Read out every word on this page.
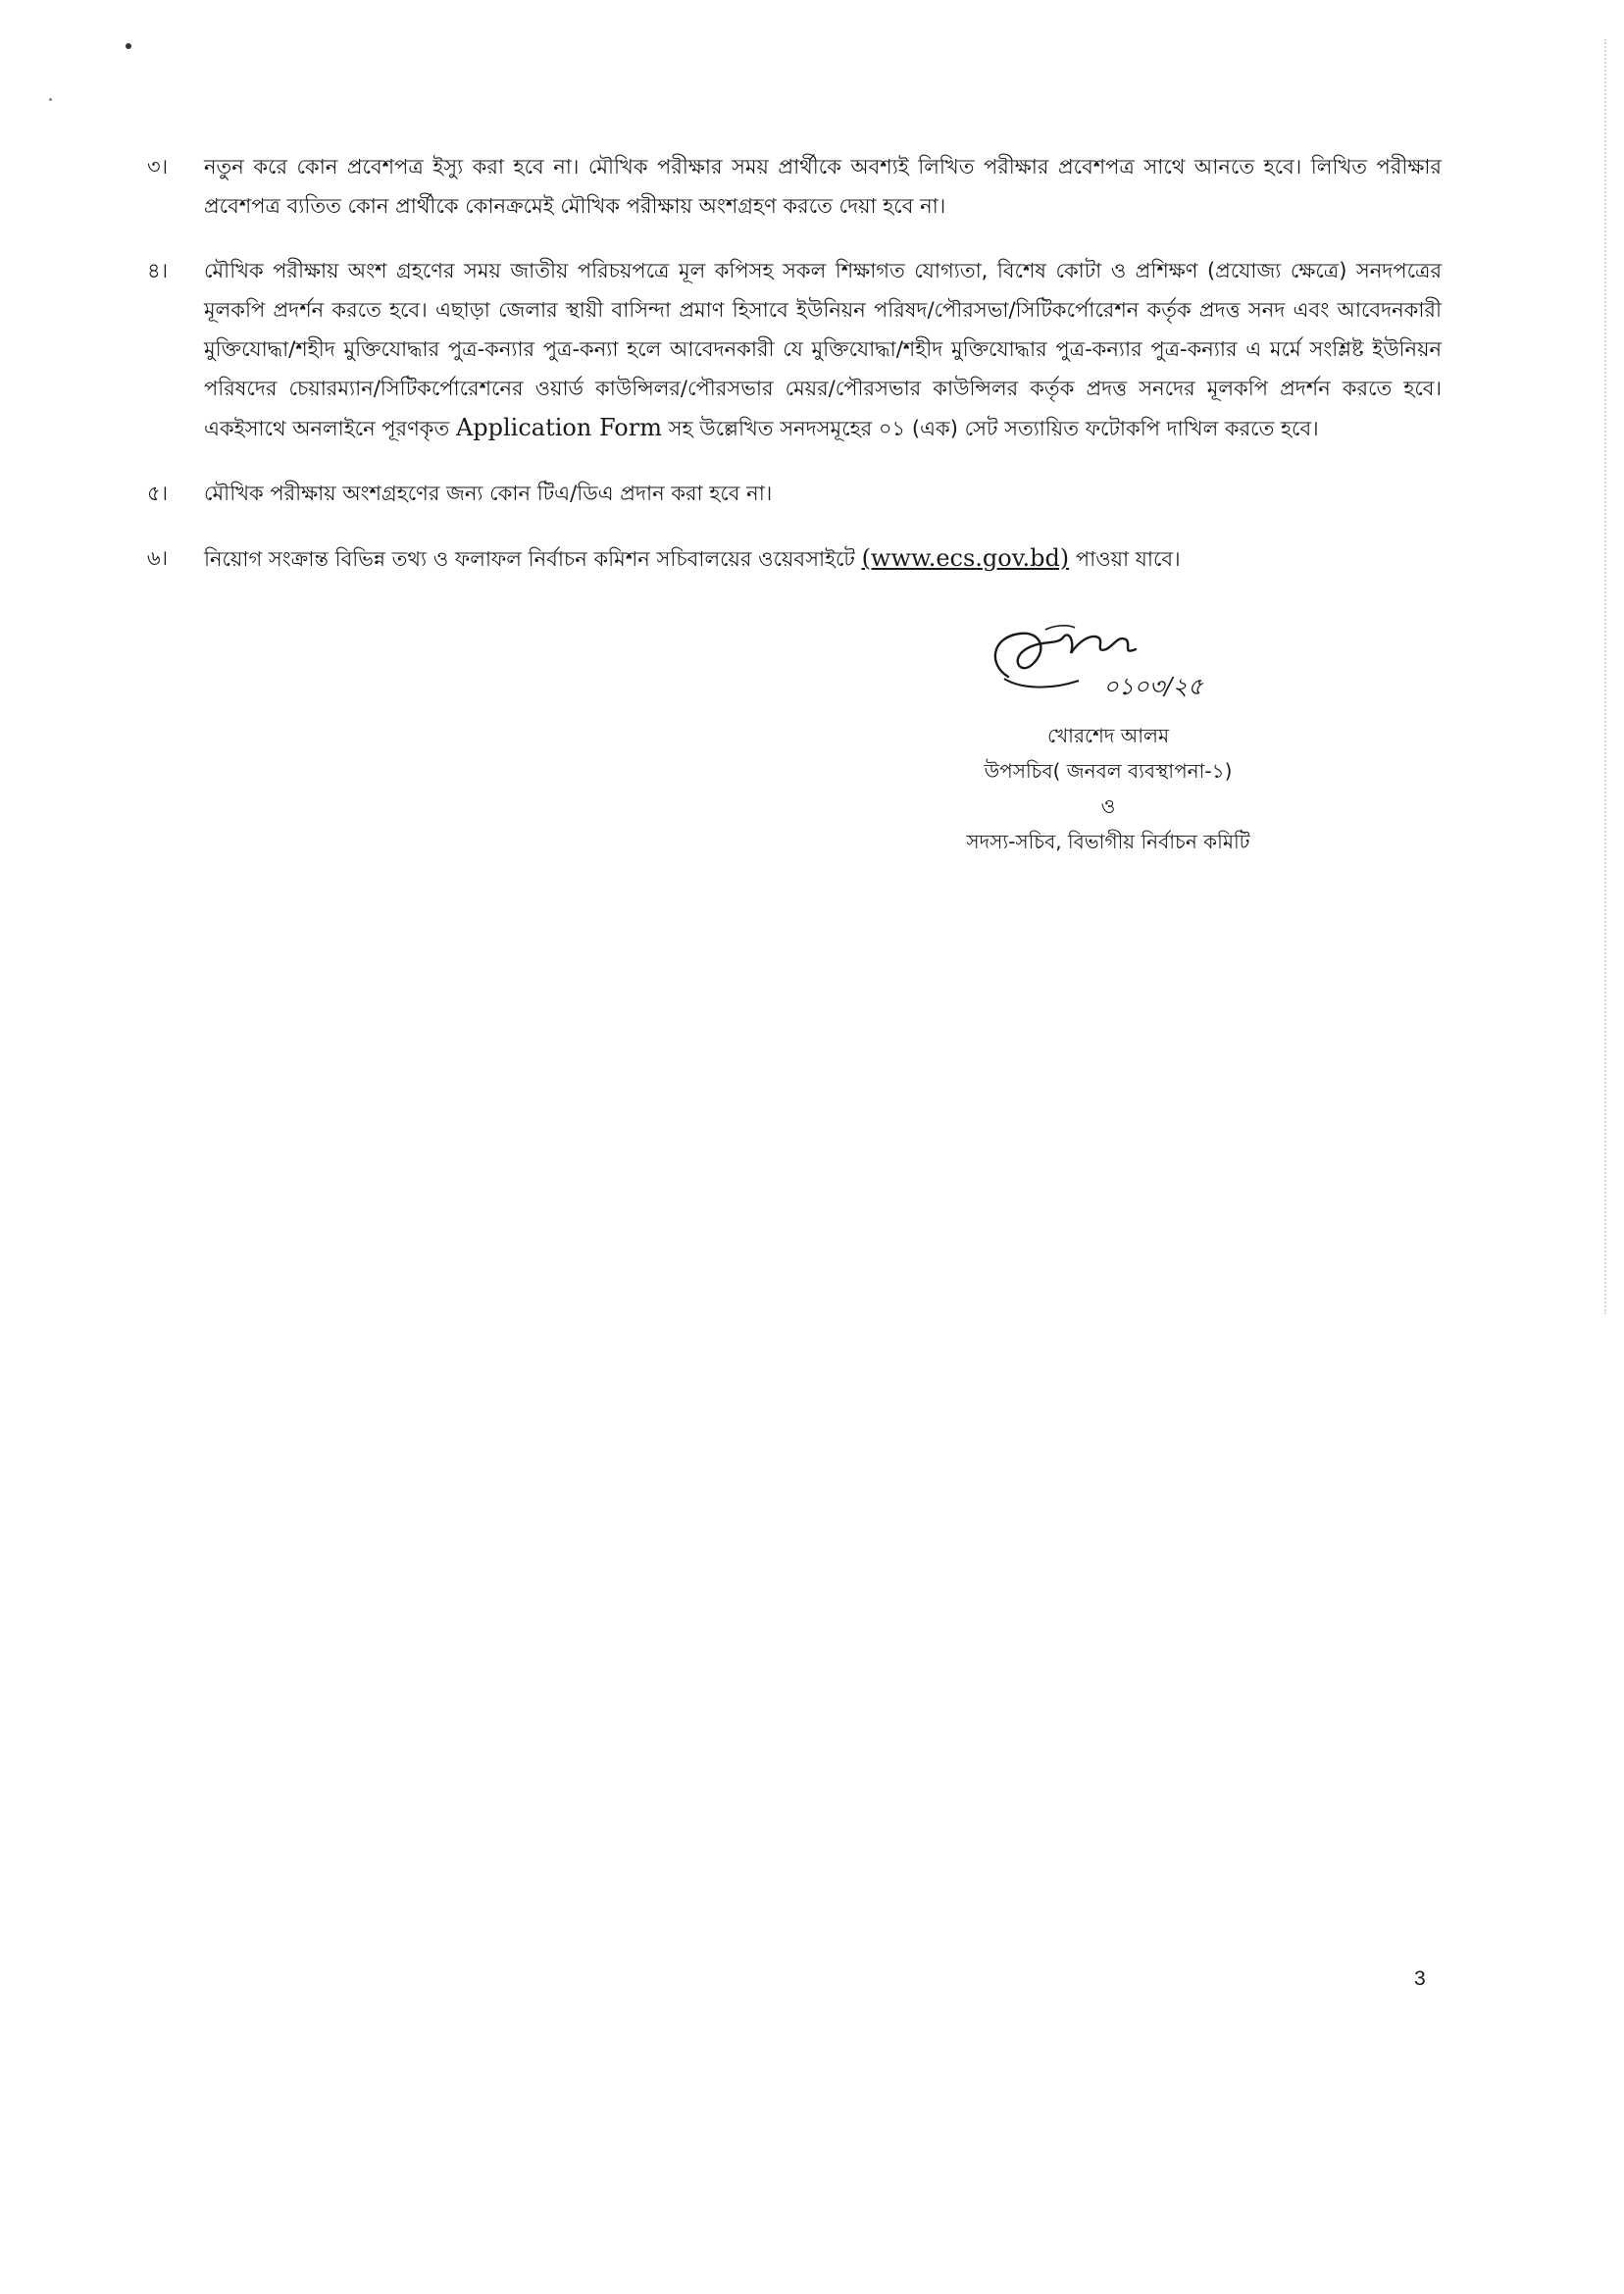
৩।	নতুন করে কোন প্রবেশপত্র ইস্যু করা হবে না। মৌখিক পরীক্ষার সময় প্রার্থীকে অবশ্যই লিখিত পরীক্ষার প্রবেশপত্র সাথে আনতে হবে। লিখিত পরীক্ষার প্রবেশপত্র ব্যতিত কোন প্রার্থীকে কোনক্রমেই মৌখিক পরীক্ষায় অংশগ্রহণ করতে দেয়া হবে না।
৪।	মৌখিক পরীক্ষায় অংশ গ্রহণের সময় জাতীয় পরিচয়পত্রে মূল কপিসহ সকল শিক্ষাগত যোগ্যতা, বিশেষ কোটা ও প্রশিক্ষণ (প্রযোজ্য ক্ষেত্রে) সনদপত্রের মূলকপি প্রদর্শন করতে হবে। এছাড়া জেলার স্থায়ী বাসিন্দা প্রমাণ হিসাবে ইউনিয়ন পরিষদ/পৌরসভা/সিটিকর্পোরেশন কর্তৃক প্রদত্ত সনদ এবং আবেদনকারী মুক্তিযোদ্ধা/শহীদ মুক্তিযোদ্ধার পুত্র-কন্যার পুত্র-কন্যা হলে আবেদনকারী যে মুক্তিযোদ্ধা/শহীদ মুক্তিযোদ্ধার পুত্র-কন্যার পুত্র-কন্যার এ মর্মে সংশ্লিষ্ট ইউনিয়ন পরিষদের চেয়ারম্যান/সিটিকর্পোরেশনের ওয়ার্ড কাউন্সিলর/পৌরসভার মেয়র/পৌরসভার কাউন্সিলর কর্তৃক প্রদত্ত সনদের মূলকপি প্রদর্শন করতে হবে। একইসাথে অনলাইনে পূরণকৃত Application Form সহ উল্লেখিত সনদসমূহের ০১ (এক) সেট সত্যায়িত ফটোকপি দাখিল করতে হবে।
৫।	মৌখিক পরীক্ষায় অংশগ্রহণের জন্য কোন টিএ/ডিএ প্রদান করা হবে না।
৬।	নিয়োগ সংক্রান্ত বিভিন্ন তথ্য ও ফলাফল নির্বাচন কমিশন সচিবালয়ের ওয়েবসাইটে (www.ecs.gov.bd) পাওয়া যাবে।
০১০৩/২৫
খোরশেদ আলম
উপসচিব( জনবল ব্যবস্থাপনা-১)
ও
সদস্য-সচিব, বিভাগীয় নির্বাচন কমিটি
3
